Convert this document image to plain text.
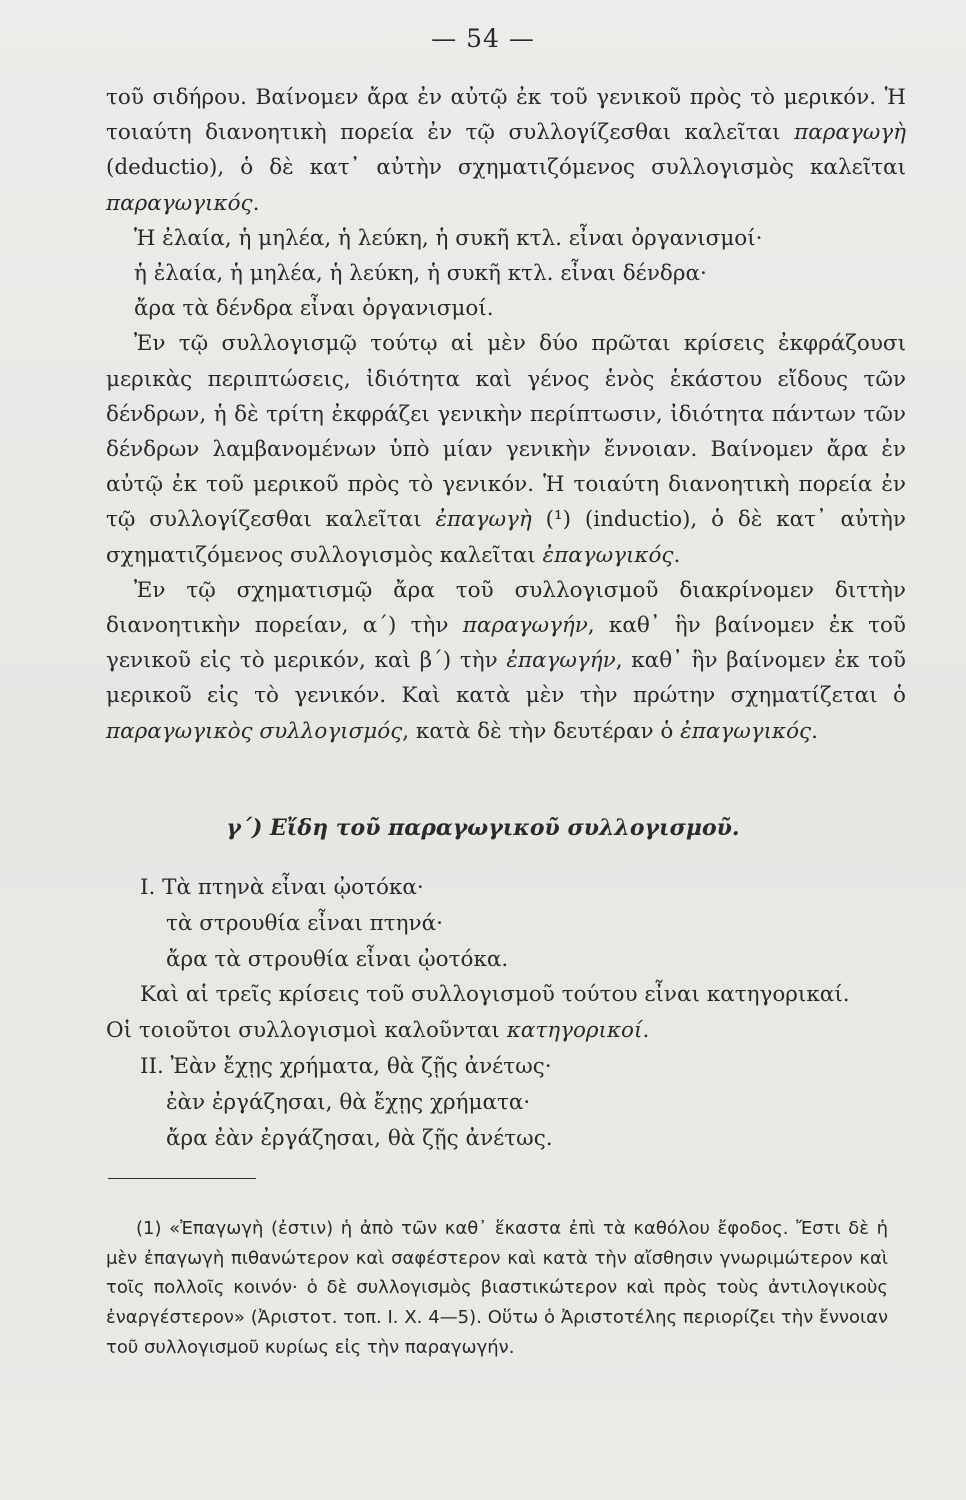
— 54 —

τοῦ σιδήρου. Βαίνομεν ἄρα ἐν αὐτῷ ἐκ τοῦ γενικοῦ πρὸς τὸ μερικόν. Ἡ τοιαύτη διανοητικὴ πορεία ἐν τῷ συλλογίζεσθαι καλεῖται παραγωγὴ (deductio), ὁ δὲ κατ᾽ αὐτὴν σχηματιζόμενος συλλογισμὸς καλεῖται παραγωγικός.

Ἡ ἐλαία, ἡ μηλέα, ἡ λεύκη, ἡ συκῆ κτλ. εἶναι ὀργανισμοί·

ἡ ἐλαία, ἡ μηλέα, ἡ λεύκη, ἡ συκῆ κτλ. εἶναι δένδρα·

ἄρα τὰ δένδρα εἶναι ὀργανισμοί.

Ἐν τῷ συλλογισμῷ τούτῳ αἱ μὲν δύο πρῶται κρίσεις ἐκφράζουσι μερικὰς περιπτώσεις, ἰδιότητα καὶ γένος ἑνὸς ἑκάστου εἴδους τῶν δένδρων, ἡ δὲ τρίτη ἐκφράζει γενικὴν περίπτωσιν, ἰδιότητα πάντων τῶν δένδρων λαμβανομένων ὑπὸ μίαν γενικὴν ἔννοιαν. Βαίνομεν ἄρα ἐν αὐτῷ ἐκ τοῦ μερικοῦ πρὸς τὸ γενικόν. Ἡ τοιαύτη διανοητικὴ πορεία ἐν τῷ συλλογίζεσθαι καλεῖται ἐπαγωγὴ (¹) (inductio), ὁ δὲ κατ᾽ αὐτὴν σχηματιζόμενος συλλογισμὸς καλεῖται ἐπαγωγικός.

Ἐν τῷ σχηματισμῷ ἄρα τοῦ συλλογισμοῦ διακρίνομεν διττὴν διανοητικὴν πορείαν, α΄) τὴν παραγωγήν, καθ᾽ ἣν βαίνομεν ἐκ τοῦ γενικοῦ εἰς τὸ μερικόν, καὶ β΄) τὴν ἐπαγωγήν, καθ᾽ ἣν βαίνομεν ἐκ τοῦ μερικοῦ εἰς τὸ γενικόν. Καὶ κατὰ μὲν τὴν πρώτην σχηματίζεται ὁ παραγωγικὸς συλλογισμός, κατὰ δὲ τὴν δευτέραν ὁ ἐπαγωγικός.

γ΄) Εἴδη τοῦ παραγωγικοῦ συλλογισμοῦ.

I. Τὰ πτηνὰ εἶναι ᾠοτόκα·

τὰ στρουθία εἶναι πτηνά·

ἄρα τὰ στρουθία εἶναι ᾠοτόκα.

Καὶ αἱ τρεῖς κρίσεις τοῦ συλλογισμοῦ τούτου εἶναι κατηγορικαί.

Οἱ τοιοῦτοι συλλογισμοὶ καλοῦνται κατηγορικοί.

II. Ἐὰν ἔχῃς χρήματα, θὰ ζῇς ἀνέτως·

ἐὰν ἐργάζησαι, θὰ ἔχῃς χρήματα·

ἄρα ἐὰν ἐργάζησαι, θὰ ζῇς ἀνέτως.

(1) «Ἐπαγωγὴ (ἐστιν) ἡ ἀπὸ τῶν καθ᾽ ἕκαστα ἐπὶ τὰ καθόλου ἔφοδος. Ἔστι δὲ ἡ μὲν ἐπαγωγὴ πιθανώτερον καὶ σαφέστερον καὶ κατὰ τὴν αἴσθησιν γνωριμώτερον καὶ τοῖς πολλοῖς κοινόν· ὁ δὲ συλλογισμὸς βιαστικώτερον καὶ πρὸς τοὺς ἀντιλογικοὺς ἐναργέστερον» (Ἀριστοτ. τοπ. I. X. 4—5). Οὕτω ὁ Ἀριστοτέλης περιορίζει τὴν ἔννοιαν τοῦ συλλογισμοῦ κυρίως εἰς τὴν παραγωγήν.
